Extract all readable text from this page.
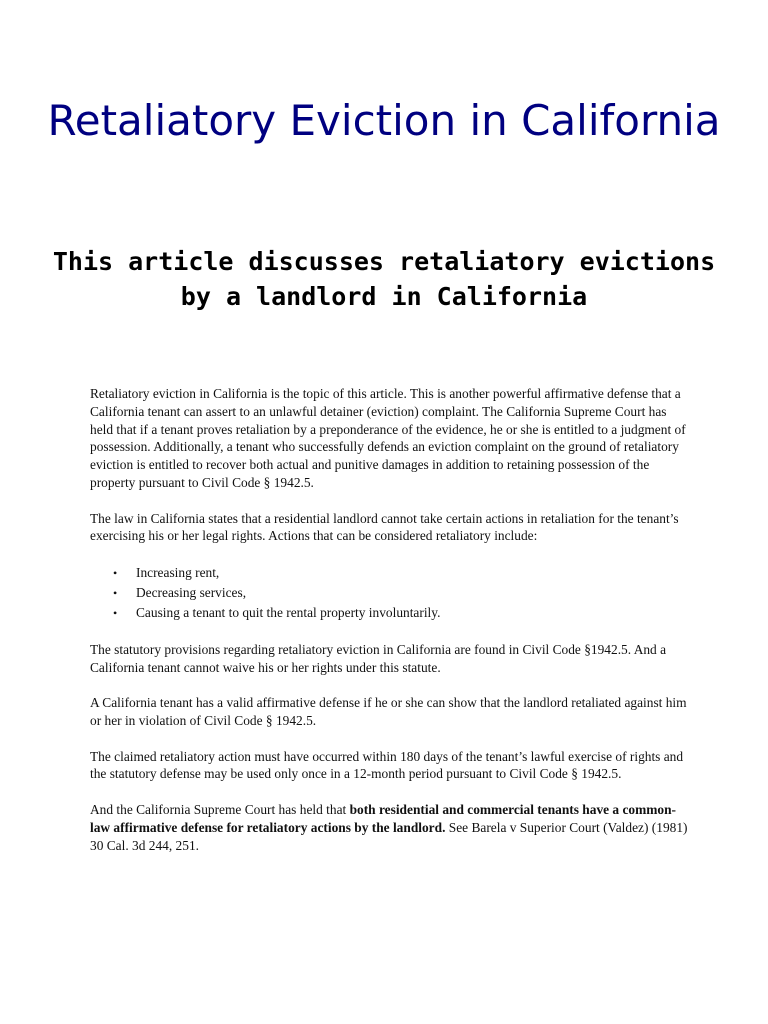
Retaliatory Eviction in California
This article discusses retaliatory evictions by a landlord in California

Retaliatory eviction in California is the topic of this article. This is another powerful affirmative defense that a California tenant can assert to an unlawful detainer (eviction) complaint. The California Supreme Court has held that if a tenant proves retaliation by a preponderance of the evidence, he or she is entitled to a judgment of possession. Additionally, a tenant who successfully defends an eviction complaint on the ground of retaliatory eviction is entitled to recover both actual and punitive damages in addition to retaining possession of the property pursuant to Civil Code § 1942.5.

The law in California states that a residential landlord cannot take certain actions in retaliation for the tenant’s exercising his or her legal rights. Actions that can be considered retaliatory include:

• Increasing rent,
• Decreasing services,
• Causing a tenant to quit the rental property involuntarily.

The statutory provisions regarding retaliatory eviction in California are found in Civil Code §1942.5. And a California tenant cannot waive his or her rights under this statute.

A California tenant has a valid affirmative defense if he or she can show that the landlord retaliated against him or her in violation of Civil Code § 1942.5.

The claimed retaliatory action must have occurred within 180 days of the tenant’s lawful exercise of rights and the statutory defense may be used only once in a 12-month period pursuant to Civil Code § 1942.5.

And the California Supreme Court has held that both residential and commercial tenants have a common-law affirmative defense for retaliatory actions by the landlord. See Barela v Superior Court (Valdez) (1981) 30 Cal. 3d 244, 251.
